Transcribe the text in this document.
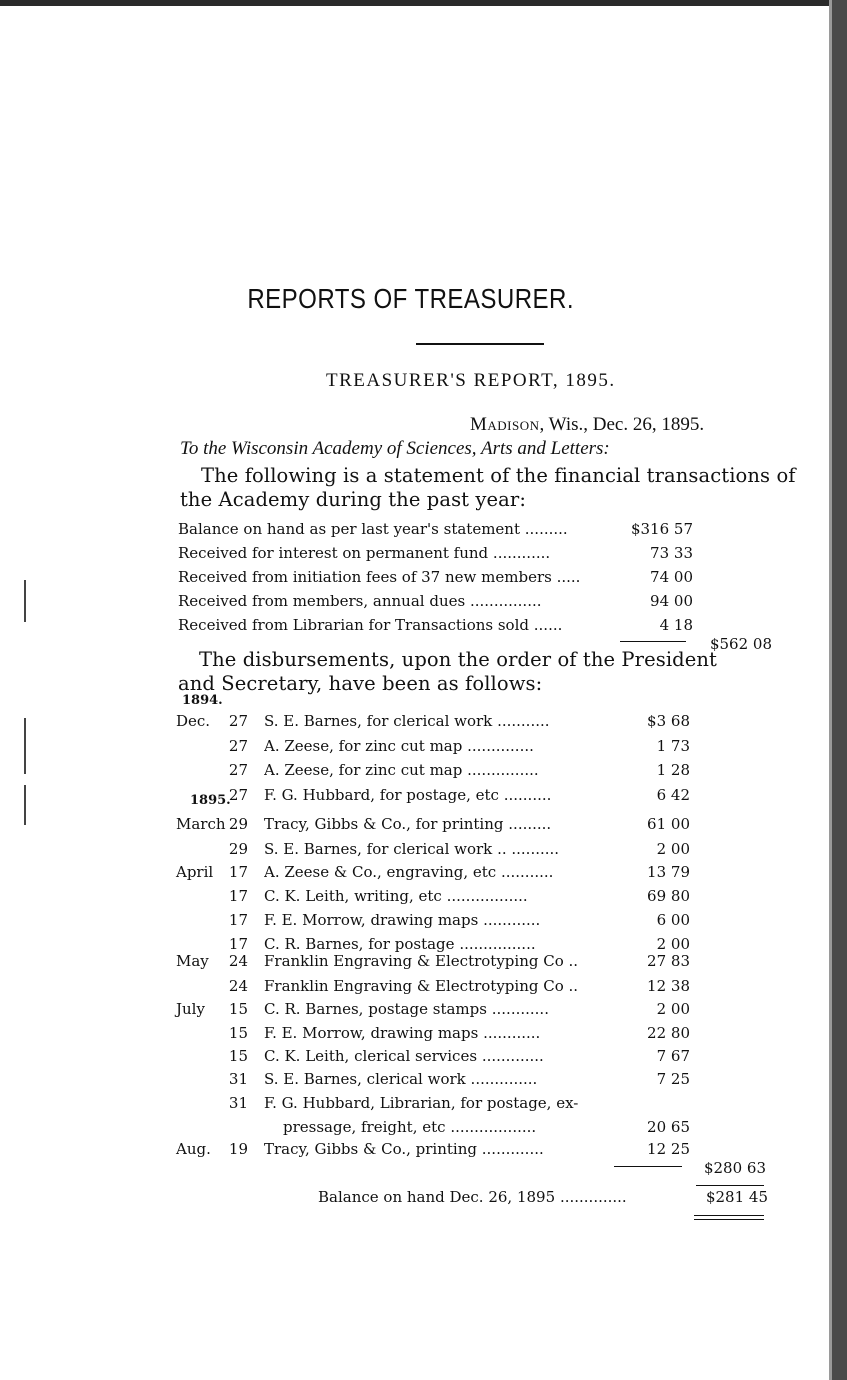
REPORTS OF TREASURER.
TREASURER'S REPORT, 1895.
Madison, Wis., Dec. 26, 1895.
To the Wisconsin Academy of Sciences, Arts and Letters:
The following is a statement of the financial transactions of
the Academy during the past year:
Balance on hand as per last year's statement .........	$316 57
Received for interest on permanent fund ............	73 33
Received from initiation fees of 37 new members .....	74 00
Received from members, annual dues ...............	94 00
Received from Librarian for Transactions sold ......	4 18
$562 08
The disbursements, upon the order of the President
and Secretary, have been as follows:
1894.
1895.
Dec.	27 S. E. Barnes, for clerical work ...........	$3 68
27 A. Zeese, for zinc cut map ..............	1 73
27 A. Zeese, for zinc cut map ...............	1 28
27 F. G. Hubbard, for postage, etc ..........	6 42
March 29 Tracy, Gibbs & Co., for printing .........	61 00
29 S. E. Barnes, for clerical work .. ..........	2 00
April	17 A. Zeese & Co., engraving, etc ...........	13 79
17 C. K. Leith, writing, etc .................	69 80
17 F. E. Morrow, drawing maps ............	6 00
17 C. R. Barnes, for postage ................	2 00
May	24 Franklin Engraving & Electrotyping Co ..	27 83
24 Franklin Engraving & Electrotyping Co ..	12 38
July	15 C. R. Barnes, postage stamps ............	2 00
15 F. E. Morrow, drawing maps ............	22 80
15 C. K. Leith, clerical services .............	7 67
31 S. E. Barnes, clerical work ..............	7 25
31 F. G. Hubbard, Librarian, for postage, ex-
pressage, freight, etc ..................	20 65
Aug.	19 Tracy, Gibbs & Co., printing .............	12 25
$280 63
Balance on hand Dec. 26, 1895 ..............	$281 45
